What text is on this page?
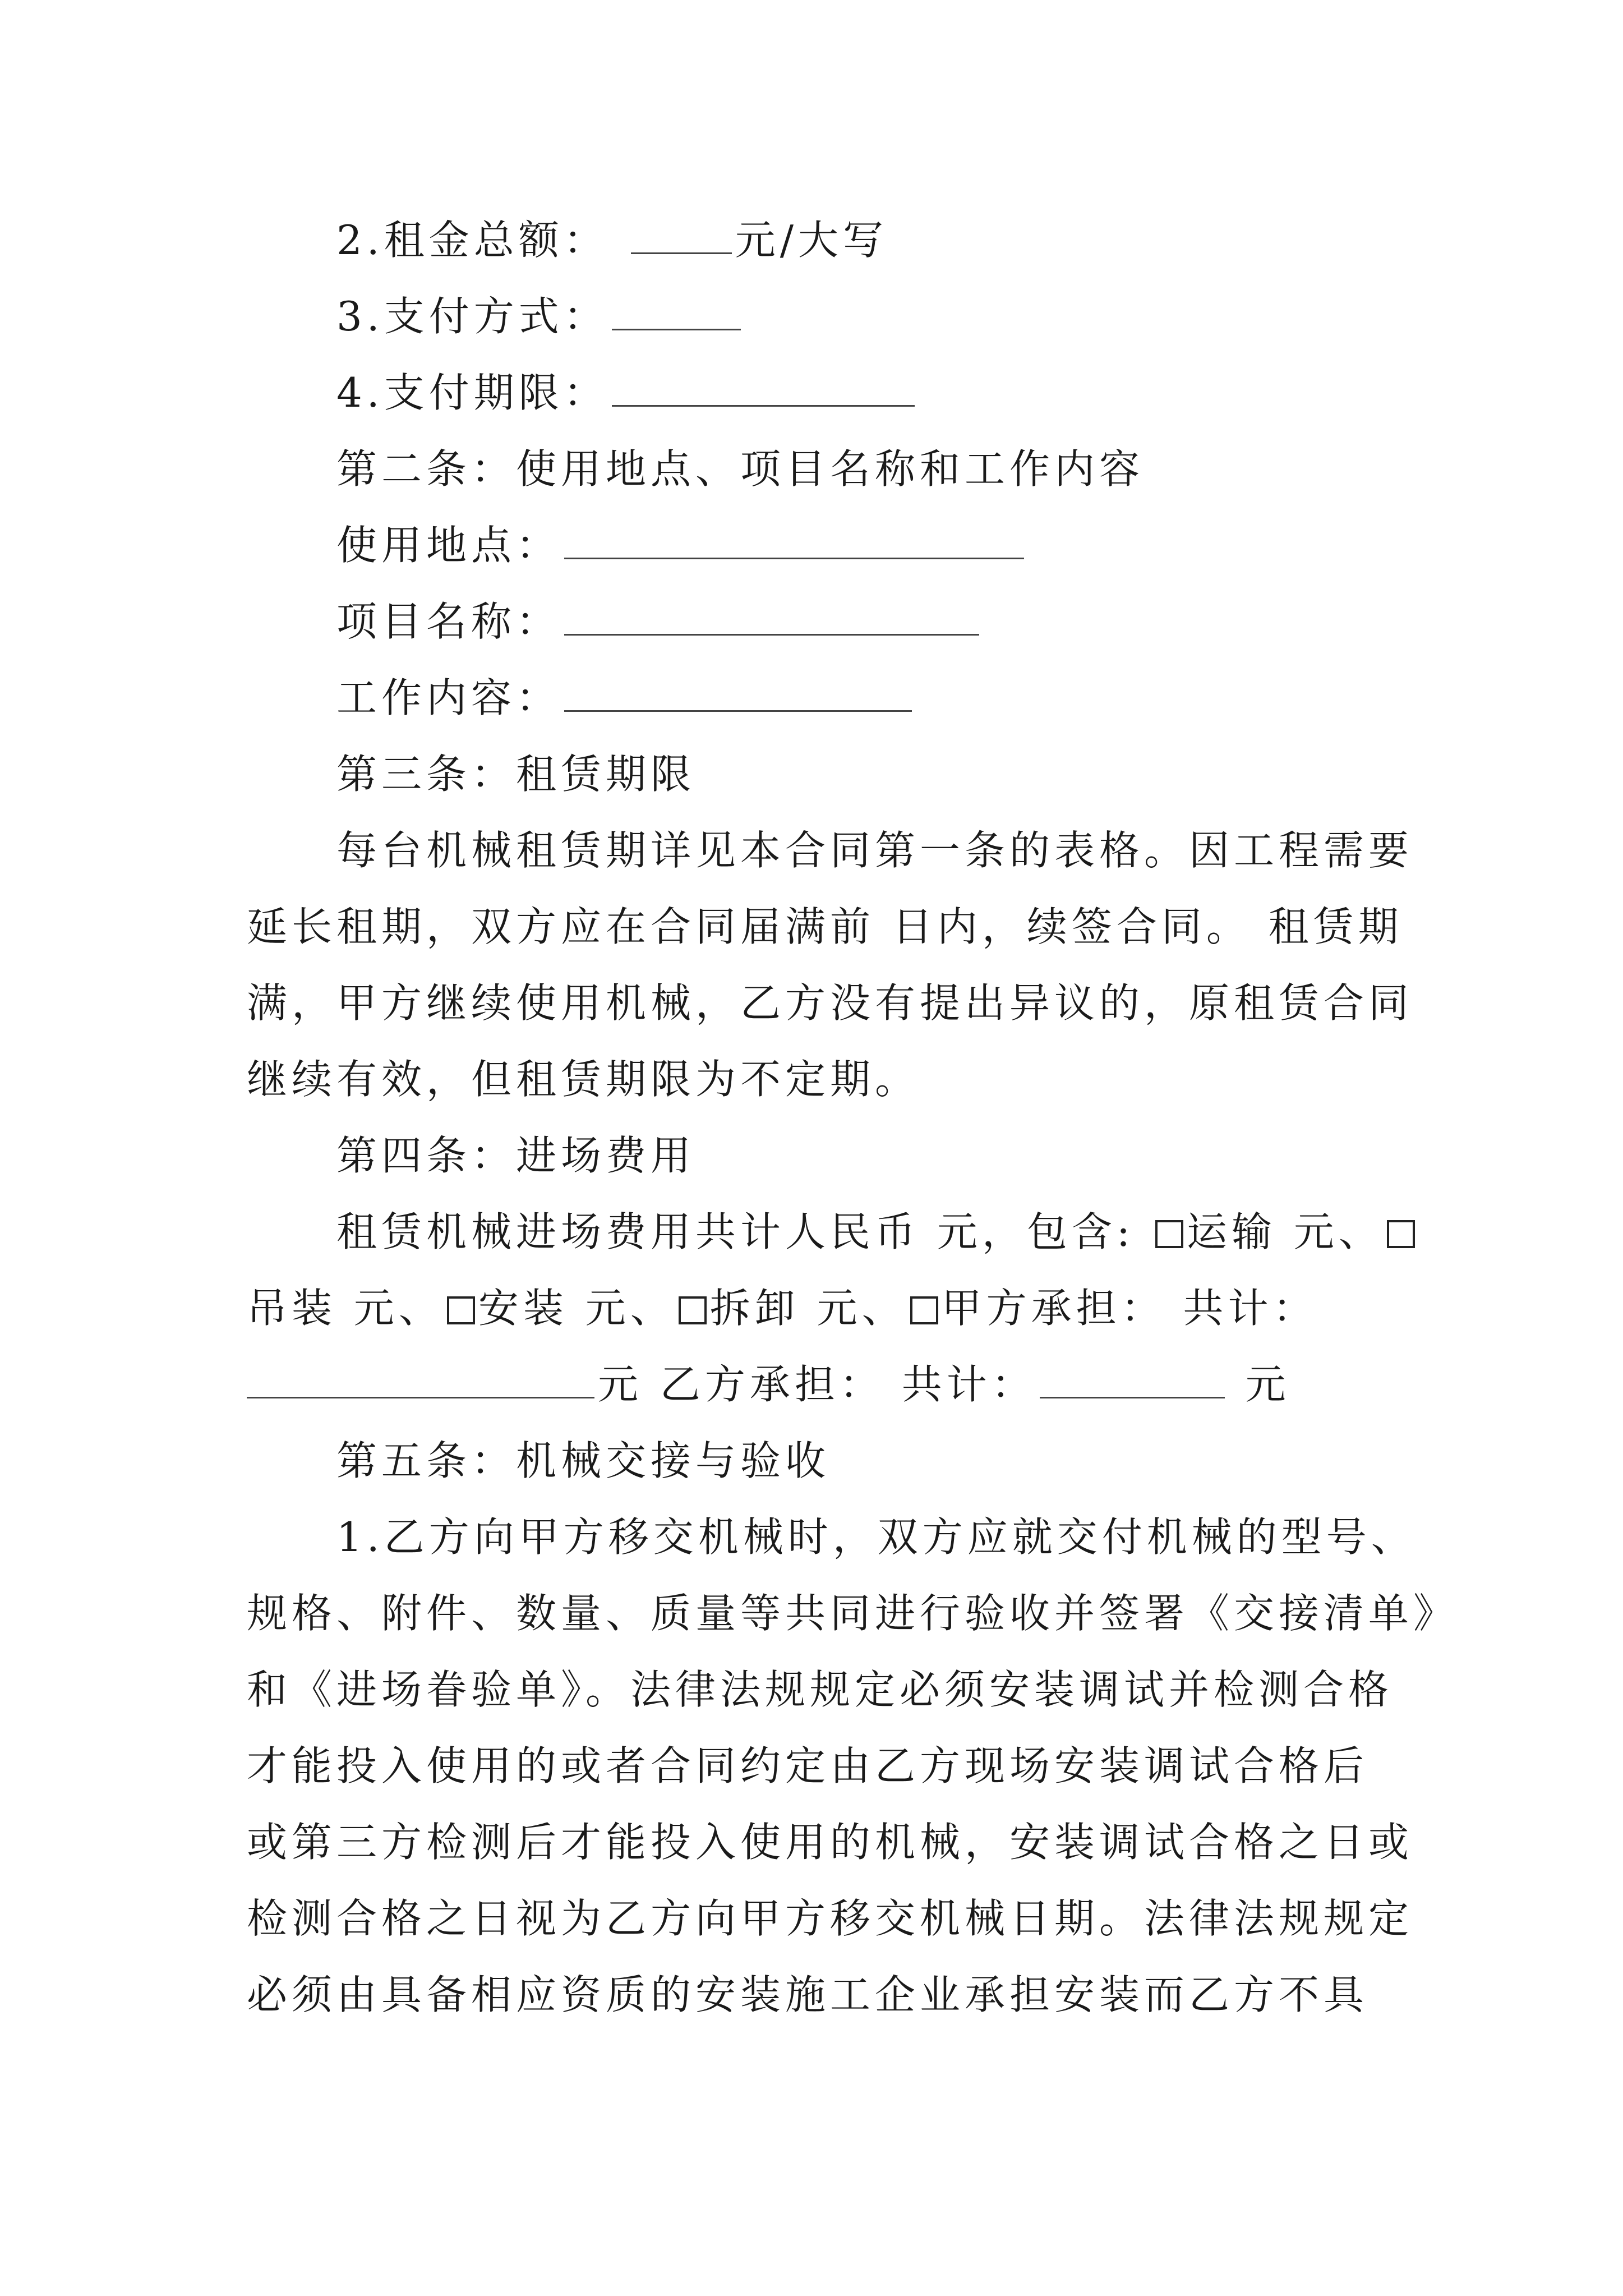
2.租金总额：	元/大写
3.支付方式：
4.支付期限：
第二条：使用地点、项目名称和工作内容
使用地点：
项目名称：
工作内容：
第三条：租赁期限
每台机械租赁期详见本合同第一条的表格。因工程需要
延长租期，双方应在合同届满前 日内，续签合同。 租赁期
满，甲方继续使用机械，乙方没有提出异议的，原租赁合同
继续有效，但租赁期限为不定期。
第四条：进场费用
租赁机械进场费用共计人民币 元，包含: 运输 元、
吊装 元、 安装 元、 拆卸 元、 甲方承担： 共计：
元 乙方承担： 共计：	元
第五条：机械交接与验收
1.乙方向甲方移交机械时，双方应就交付机械的型号、
规格、附件、数量、质量等共同进行验收并签署《交接清单》
和《进场眷验单》。法律法规规定必须安装调试并检测合格
才能投入使用的或者合同约定由乙方现场安装调试合格后
或第三方检测后才能投入使用的机械，安装调试合格之日或
检测合格之日视为乙方向甲方移交机械日期。法律法规规定
必须由具备相应资质的安装施工企业承担安装而乙方不具
